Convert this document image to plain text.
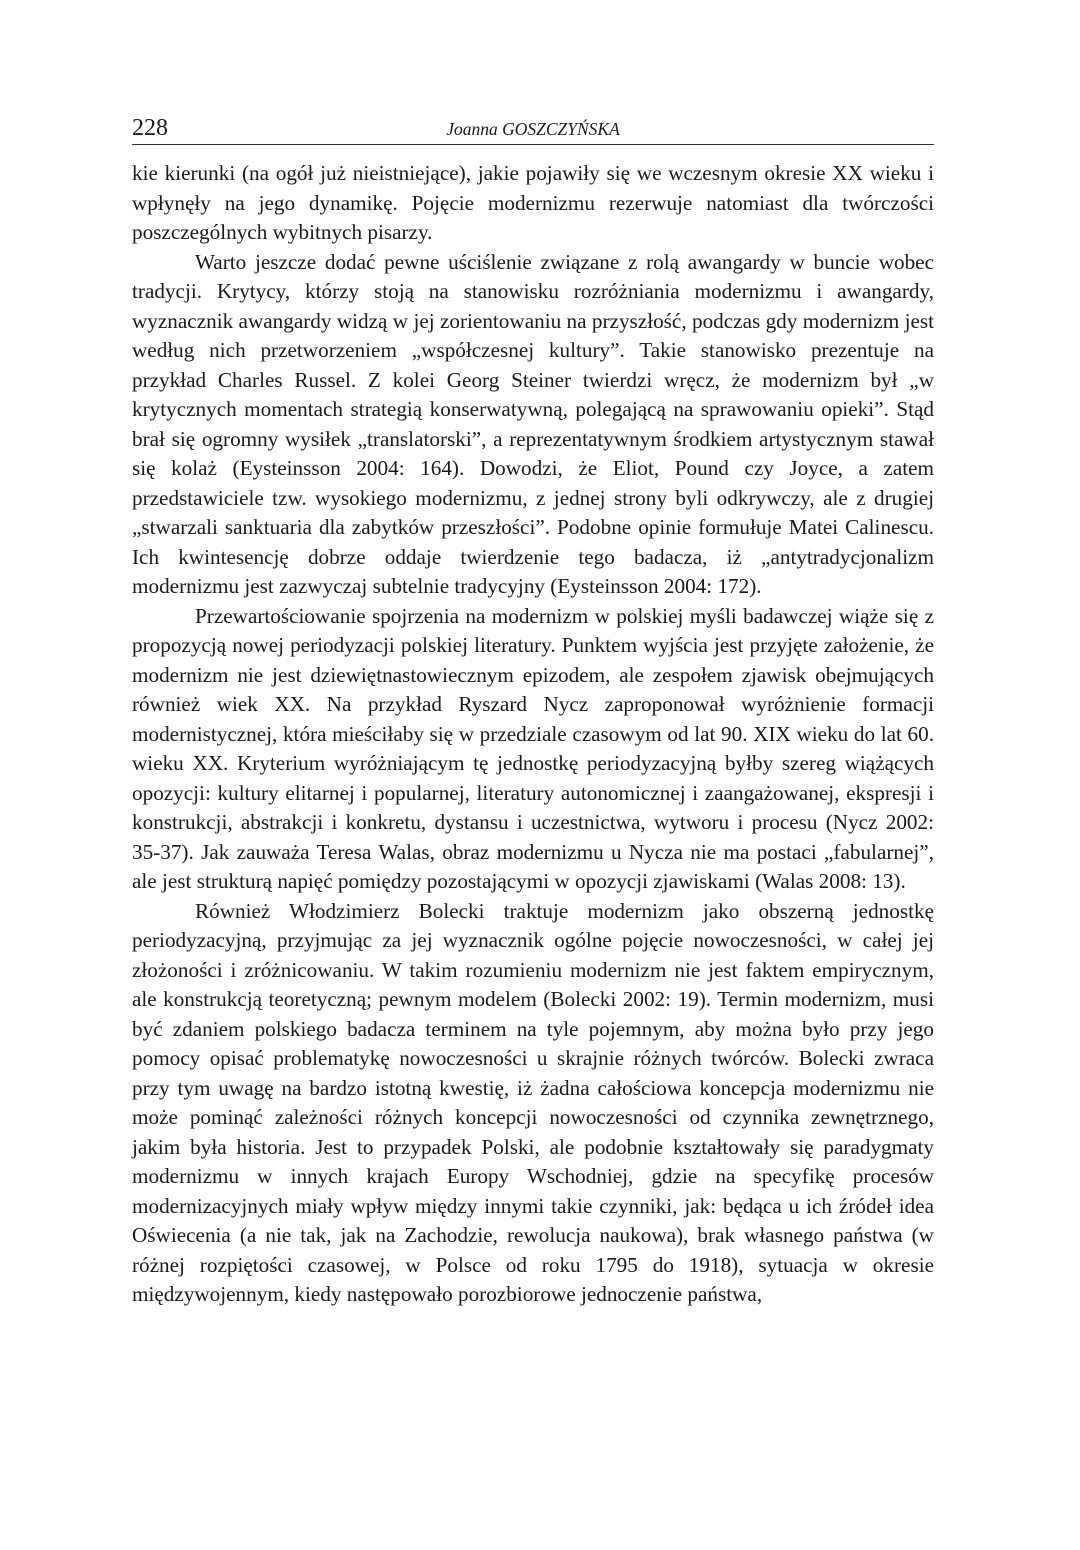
228	Joanna GOSZCZYŃSKA

kie kierunki (na ogół już nieistniejące), jakie pojawiły się we wczesnym okresie XX wieku i wpłynęły na jego dynamikę. Pojęcie modernizmu rezerwuje natomiast dla twórczości poszczególnych wybitnych pisarzy.

Warto jeszcze dodać pewne uściślenie związane z rolą awangardy w buncie wobec tradycji. Krytycy, którzy stoją na stanowisku rozróżniania modernizmu i awangardy, wyznacznik awangardy widzą w jej zorientowaniu na przyszłość, podczas gdy modernizm jest według nich przetworzeniem „współczesnej kultury”. Takie stanowisko prezentuje na przykład Charles Russel. Z kolei Georg Steiner twierdzi wręcz, że modernizm był „w krytycznych momentach strategią konserwatywną, polegającą na sprawowaniu opieki”. Stąd brał się ogromny wysiłek „translatorski”, a reprezentatywnym środkiem artystycznym stawał się kolaż (Eysteinsson 2004: 164). Dowodzi, że Eliot, Pound czy Joyce, a zatem przedstawiciele tzw. wysokiego modernizmu, z jednej strony byli odkrywczy, ale z drugiej „stwarzali sanktuaria dla zabytków przeszłości”. Podobne opinie formułuje Matei Calinescu. Ich kwintesencję dobrze oddaje twierdzenie tego badacza, iż „antytradycjonalizm modernizmu jest zazwyczaj subtelnie tradycyjny (Eysteinsson 2004: 172).

Przewartościowanie spojrzenia na modernizm w polskiej myśli badawczej wiąże się z propozycją nowej periodyzacji polskiej literatury. Punktem wyjścia jest przyjęte założenie, że modernizm nie jest dziewiętnastowiecznym epizodem, ale zespołem zjawisk obejmujących również wiek XX. Na przykład Ryszard Nycz zaproponował wyróżnienie formacji modernistycznej, która mieściłaby się w przedziale czasowym od lat 90. XIX wieku do lat 60. wieku XX. Kryterium wyróżniającym tę jednostkę periodyzacyjną byłby szereg wiążących opozycji: kultury elitarnej i popularnej, literatury autonomicznej i zaangażowanej, ekspresji i konstrukcji, abstrakcji i konkretu, dystansu i uczestnictwa, wytworu i procesu (Nycz 2002: 35-37). Jak zauważa Teresa Walas, obraz modernizmu u Nycza nie ma postaci „fabularnej”, ale jest strukturą napięć pomiędzy pozostającymi w opozycji zjawiskami (Walas 2008: 13).

Również Włodzimierz Bolecki traktuje modernizm jako obszerną jednostkę periodyzacyjną, przyjmując za jej wyznacznik ogólne pojęcie nowoczesności, w całej jej złożoności i zróżnicowaniu. W takim rozumieniu modernizm nie jest faktem empirycznym, ale konstrukcją teoretyczną; pewnym modelem (Bolecki 2002: 19). Termin modernizm, musi być zdaniem polskiego badacza terminem na tyle pojemnym, aby można było przy jego pomocy opisać problematykę nowoczesności u skrajnie różnych twórców. Bolecki zwraca przy tym uwagę na bardzo istotną kwestię, iż żadna całościowa koncepcja modernizmu nie może pominąć zależności różnych koncepcji nowoczesności od czynnika zewnętrznego, jakim była historia. Jest to przypadek Polski, ale podobnie kształtowały się paradygmaty modernizmu w innych krajach Europy Wschodniej, gdzie na specyfikę procesów modernizacyjnych miały wpływ między innymi takie czynniki, jak: będąca u ich źródeł idea Oświecenia (a nie tak, jak na Zachodzie, rewolucja naukowa), brak własnego państwa (w różnej rozpiętości czasowej, w Polsce od roku 1795 do 1918), sytuacja w okresie międzywojennym, kiedy następowało porozbiorowe jednoczenie państwa,
